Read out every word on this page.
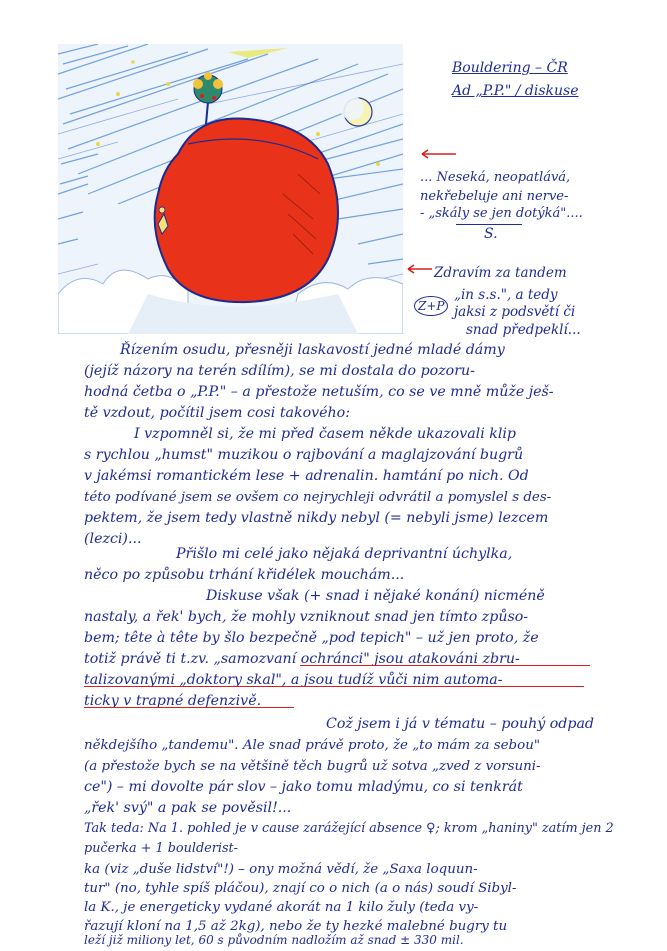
Bouldering – ČR
Ad „P.P." / diskuse
... Neseká, neopatlává,
nekřebeluje ani nerve-
- „skály se jen dotýká"....
S.
Zdravím za tandem
„in s.s.", a tedy
jaksi z podsvětí či
snad předpeklí...
Z+P
Řízením osudu, přesněji laskavostí jedné mladé dámy
(jejíž názory na terén sdílím), se mi dostala do pozoru-
hodná četba o „P.P." – a přestože netuším, co se ve mně může ješ-
tě vzdout, počítil jsem cosi takového:
I vzpomněl si, že mi před časem někde ukazovali klip
s rychlou „humst" muzikou o rajbování a maglajzování bugrů
v jakémsi romantickém lese + adrenalin. hamtání po nich. Od
této podívané jsem se ovšem co nejrychleji odvrátil a pomyslel s des-
pektem, že jsem tedy vlastně nikdy nebyl (= nebyli jsme) lezcem
(lezci)...
Přišlo mi celé jako nějaká deprivantní úchylka,
něco po způsobu trhání křidélek mouchám...
Diskuse však (+ snad i nějaké konání) nicméně
nastaly, a řek' bych, že mohly vzniknout snad jen tímto způso-
bem; tête à tête by šlo bezpečně „pod tepich" – už jen proto, že
totiž právě ti t.zv. „samozvaní ochránci" jsou atakováni zbru-
talizovanými „doktory skal", a jsou tudíž vůči nim automa-
ticky v trapné defenzivě.
Což jsem i já v tématu – pouhý odpad
někdejšího „tandemu". Ale snad právě proto, že „to mám za sebou"
(a přestože bych se na většině těch bugrů už sotva „zved z vorsuni-
ce") – mi dovolte pár slov – jako tomu mladýmu, co si tenkrát
„řek' svý" a pak se pověsil!...
Tak teda: Na 1. pohled je v cause zarážející absence ♀; krom „haniny" zatím jen 2 pučerka + 1 boulderist-
ka (viz „duše lidství"!) – ony možná vědí, že „Saxa loquun-
tur" (no, tyhle spíš pláčou), znají co o nich (a o nás) soudí Sibyl-
la K., je energeticky vydané akorát na 1 kilo žuly (teda vy-
řazují kloní na 1,5 až 2kg), nebo že ty hezké malebné bugry tu
leží již miliony let, 60 s původním nadložím až snad ± 330 mil.
